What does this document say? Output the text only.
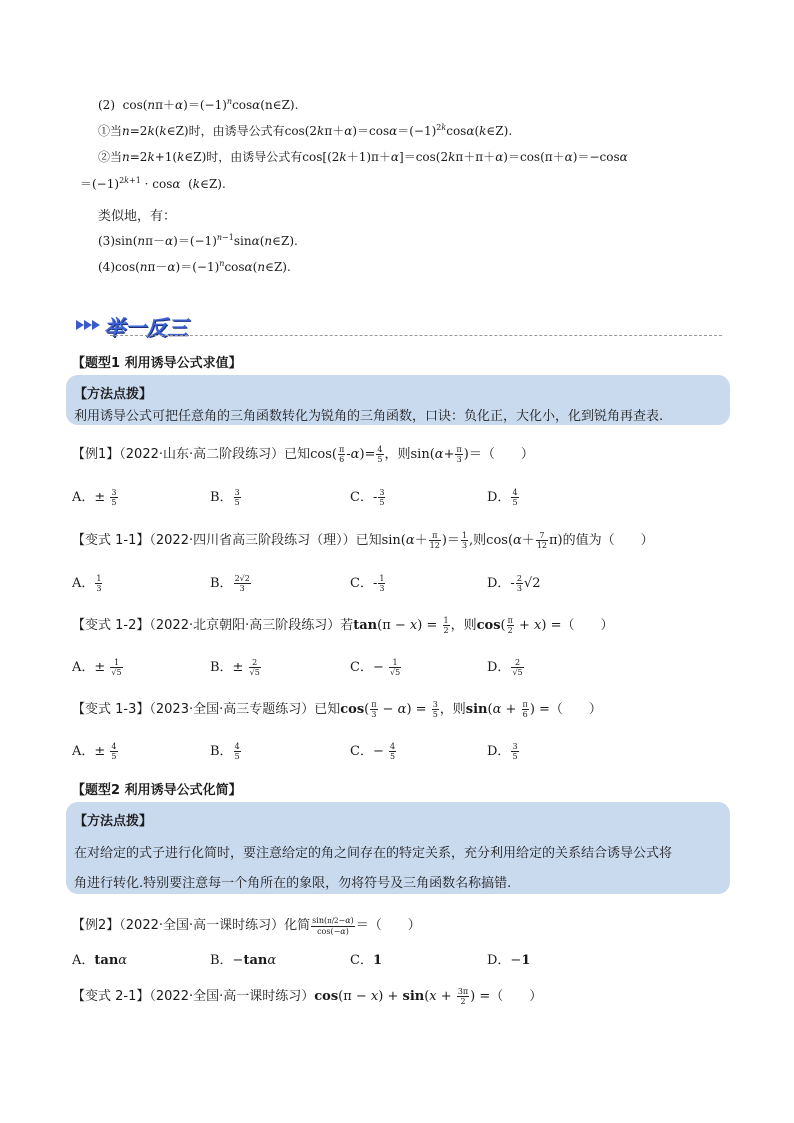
(2)  $\cos(n\pi+\alpha)=(-1)^n\cos\alpha(n\in Z)$.
①当n=2k(k∈Z)时，由诱导公式有$\cos(2k\pi+\alpha)=\cos\alpha=(-1)^{2k}\cos\alpha(k\in Z)$.
②当n=2k+1(k∈Z)时，由诱导公式有cos[(2k＋1)π＋α]＝cos(2kπ＋π＋α)＝cos(π＋α)＝−cosα
$=(-1)^{2k+1} \cdot \cos\alpha$  (k∈Z).
类似地，有：
$(3)\sin(n\pi-\alpha)=(-1)^{n-1}\sin\alpha(n\in Z)$.
$(4)\cos(n\pi-\alpha)=(-1)^n\cos\alpha(n\in Z)$.
举一反三
【题型1 利用诱导公式求值】
【方法点拨】
利用诱导公式可把任意角的三角函数转化为锐角的三角函数，口诀：负化正，大化小，化到锐角再查表.
【例1】（2022·山东·高二阶段练习）已知$\cos( \frac{\pi}{6} -\alpha)= \frac{4}{5}$ ，则$\sin(\alpha+ \frac{\pi}{3}$ )＝（　　）
A．± $\frac{3}{5}$	B． $\frac{3}{5}$	C．- $\frac{3}{5}$	D． $\frac{4}{5}$
【变式 1-1】（2022·四川省高三阶段练习（理））已知$\sin(\alpha+ \frac{\pi}{12}$ )＝ $\frac{1}{3}$ ,则$\cos(\alpha+ \frac{7}{12} \pi)$的值为（　　）
A． $\frac{1}{3}$	B． $\frac{2√2}{3}$	C．- $\frac{1}{3}$	D．- $\frac{2}{3} √2$
【变式 1-2】（2022·北京朝阳·高三阶段练习）若$\tan(\pi - x) = \frac{1}{2}$ ，则$\cos( \frac{\pi}{2} + x)$ =（　　）
A．± $\frac{1}{√5}$	B．± $\frac{2}{√5}$	C．− $\frac{1}{√5}$	D． $\frac{2}{√5}$
【变式 1-3】（2023·全国·高三专题练习）已知$\cos( \frac{\pi}{3} - \alpha) = \frac{3}{5}$ ，则$\sin(\alpha + \frac{\pi}{6}$ ) =（　　）
A．± $\frac{4}{5}$	B． $\frac{4}{5}$	C．− $\frac{4}{5}$	D． $\frac{3}{5}$
【题型2 利用诱导公式化简】
【方法点拨】
在对给定的式子进行化简时，要注意给定的角之间存在的特定关系，充分利用给定的关系结合诱导公式将
角进行转化.特别要注意每一个角所在的象限，勿将符号及三角函数名称搞错.
【例2】（2022·全国·高一课时练习）化简 $\frac{\sin(\pi/2-\alpha)}{\cos(-\alpha)}$ ＝（　　）
A．tanα	B．−tanα	C．1	D．−1
【变式 2-1】（2022·全国·高一课时练习）$\cos(\pi - x) + \sin(x + \frac{3\pi}{2}$ ) =（　　）
